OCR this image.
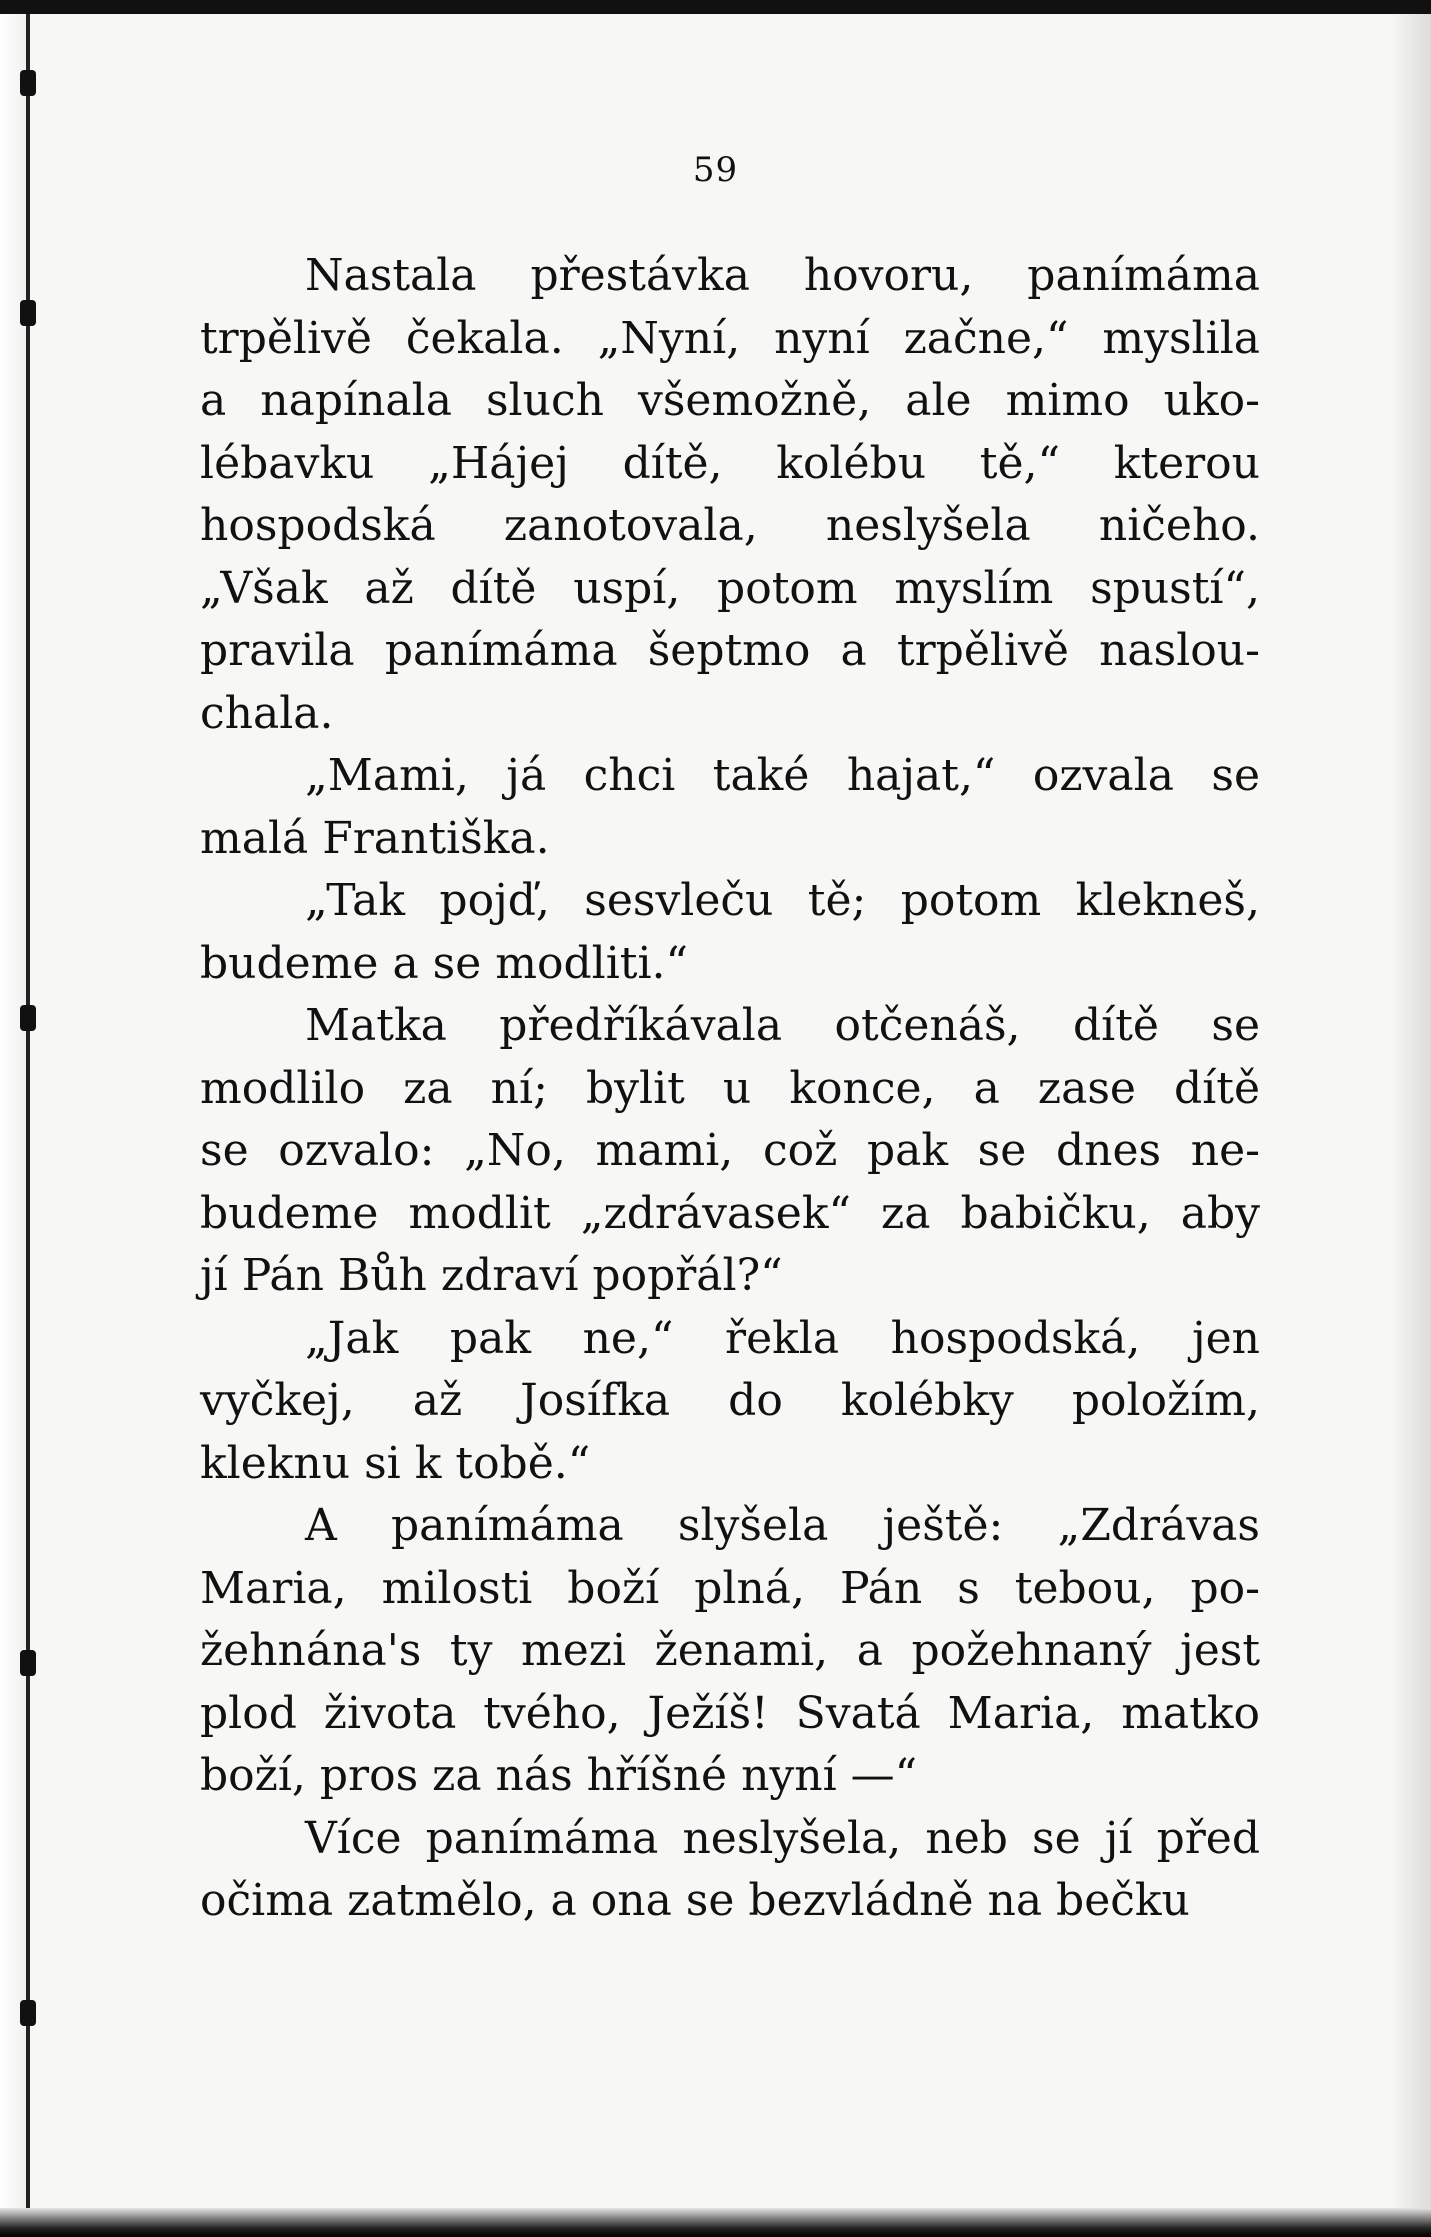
59

Nastala přestávka hovoru, panímáma
trpělivě čekala. „Nyní, nyní začne,“ myslila
a napínala sluch všemožně, ale mimo uko-
lébavku „Hájej dítě, kolébu tě,“ kterou
hospodská zanotovala, neslyšela ničeho.
„Však až dítě uspí, potom myslím spustí“,
pravila panímáma šeptmo a trpělivě naslou-
chala.

„Mami, já chci také hajat,“ ozvala se
malá Františka.

„Tak pojď, sesvleču tě; potom klekneš,
budeme a se modliti.“

Matka předříkávala otčenáš, dítě se
modlilo za ní; bylit u konce, a zase dítě
se ozvalo: „No, mami, což pak se dnes ne-
budeme modlit „zdrávasek“ za babičku, aby
jí Pán Bůh zdraví popřál?“

„Jak pak ne,“ řekla hospodská, jen
vyčkej, až Josífka do kolébky položím,
kleknu si k tobě.“

A panímáma slyšela ještě: „Zdrávas
Maria, milosti boží plná, Pán s tebou, po-
žehnána's ty mezi ženami, a požehnaný jest
plod života tvého, Ježíš! Svatá Maria, matko
boží, pros za nás hříšné nyní —“

Více panímáma neslyšela, neb se jí před
očima zatmělo, a ona se bezvládně na bečku
